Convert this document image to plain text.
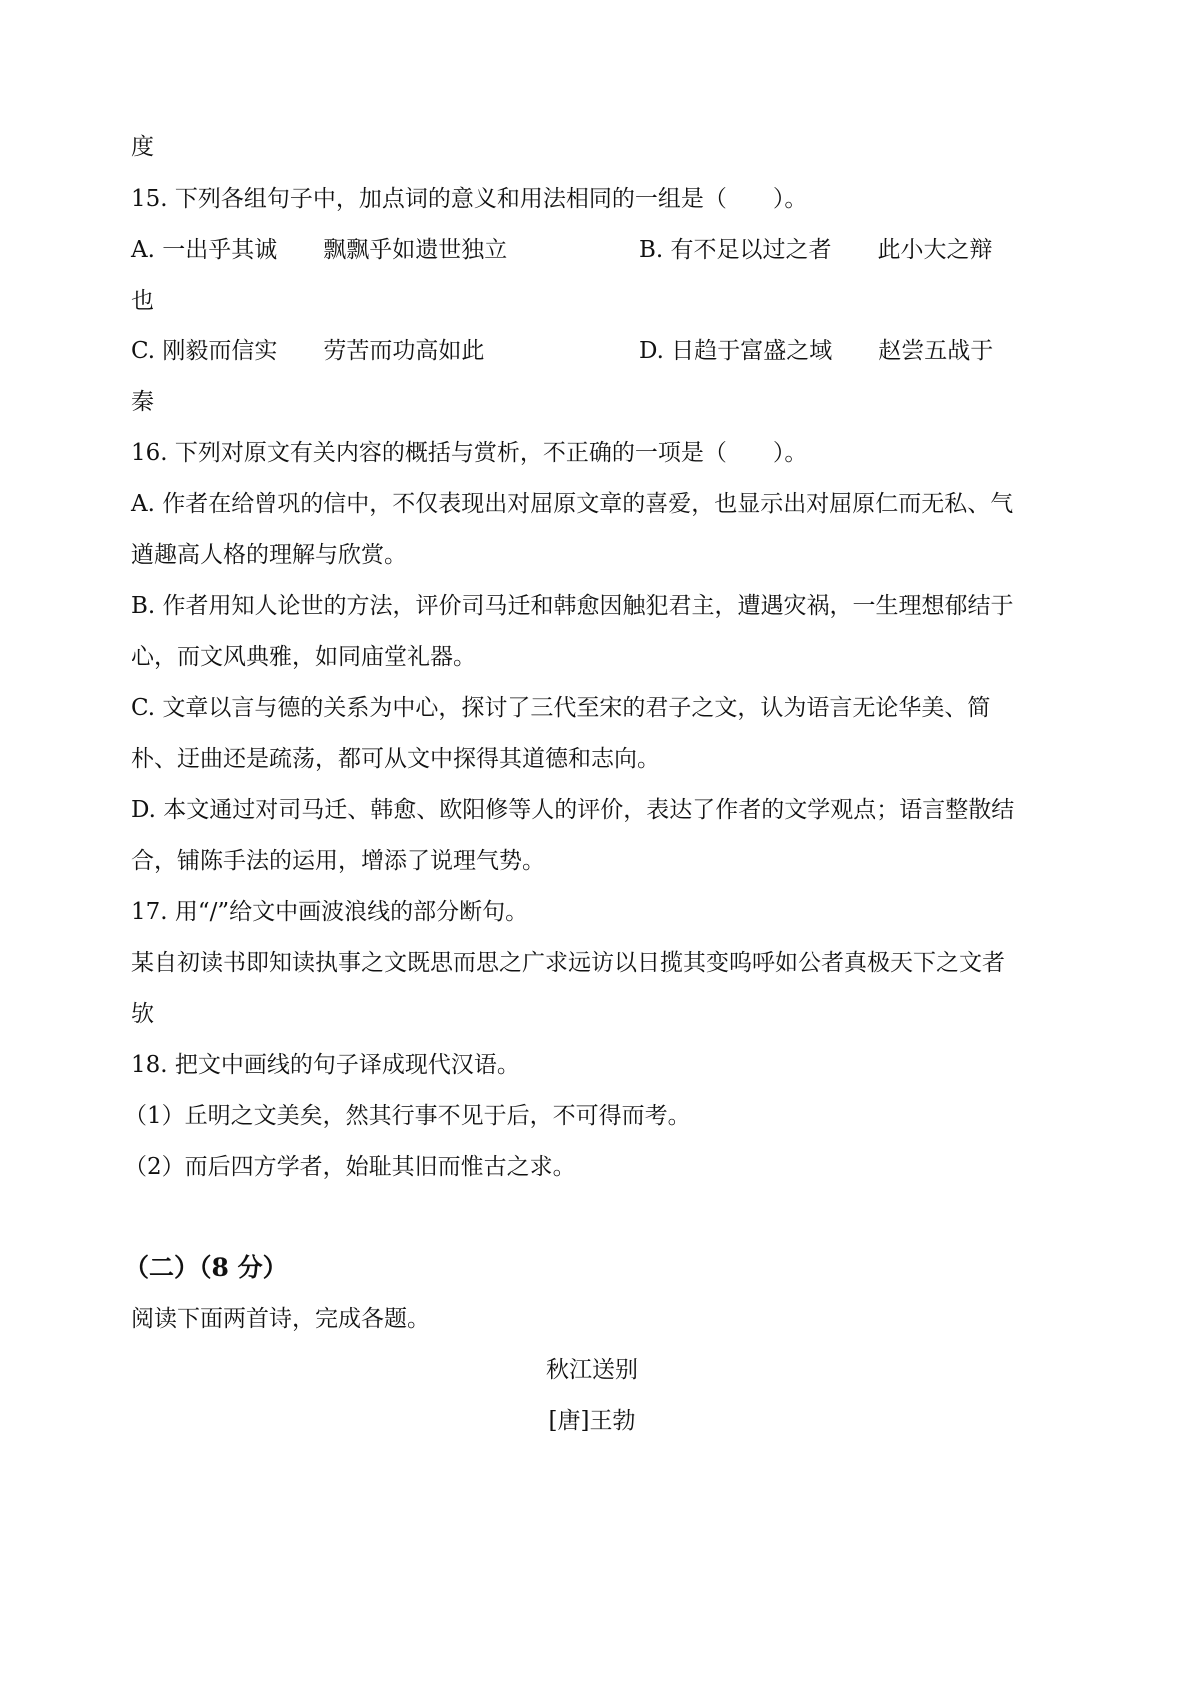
度
15. 下列各组句子中，加点词的意义和用法相同的一组是（　　）。
A. 一出乎其诚 飘飘乎如遗世独立	B. 有不足以过之者 此小大之辩
也
C. 刚毅而信实 劳苦而功高如此	D. 日趋于富盛之域 赵尝五战于
秦
16. 下列对原文有关内容的概括与赏析，不正确的一项是（　　）。
A. 作者在给曾巩的信中，不仅表现出对屈原文章的喜爱，也显示出对屈原仁而无私、气
遒趣高人格的理解与欣赏。
B. 作者用知人论世的方法，评价司马迁和韩愈因触犯君主，遭遇灾祸，一生理想郁结于
心，而文风典雅，如同庙堂礼器。
C. 文章以言与德的关系为中心，探讨了三代至宋的君子之文，认为语言无论华美、简
朴、迂曲还是疏荡，都可从文中探得其道德和志向。
D. 本文通过对司马迁、韩愈、欧阳修等人的评价，表达了作者的文学观点；语言整散结
合，铺陈手法的运用，增添了说理气势。
17. 用“/”给文中画波浪线的部分断句。
某自初读书即知读执事之文既思而思之广求远访以日揽其变呜呼如公者真极天下之文者
欤
18. 把文中画线的句子译成现代汉语。
（1）丘明之文美矣，然其行事不见于后，不可得而考。
（2）而后四方学者，始耻其旧而惟古之求。
（二）（8 分）
阅读下面两首诗，完成各题。
秋江送别
[唐]王勃
